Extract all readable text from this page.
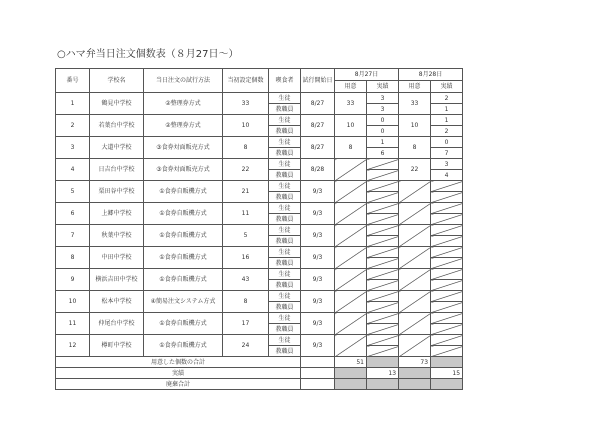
○ハマ弁当日注文個数表（８月27日～）
番号	学校名	当日注文の試行方法	当初設定個数	喫食者	試行開始日	8月27日		8月28日	
						用意	実績	用意	実績
1	鶴見中学校	②整理券方式	33	生徒	8/27	33	3	33	2
				教職員			3		1
2	若葉台中学校	②整理券方式	10	生徒	8/27	10	0	10	1
				教職員			0		2
3	大道中学校	③食券対面販売方式	8	生徒	8/27	8	1	8	0
				教職員			6		7
4	日吉台中学校	③食券対面販売方式	22	生徒	8/28			22	3
				教職員					4
5	栗田谷中学校	①食券自販機方式	21	生徒	9/3				
				教職員					
6	上郷中学校	①食券自販機方式	11	生徒	9/3				
				教職員					
7	秋葉中学校	①食券自販機方式	5	生徒	9/3				
				教職員					
8	中田中学校	①食券自販機方式	16	生徒	9/3				
				教職員					
9	横浜吉田中学校	①食券自販機方式	43	生徒	9/3				
				教職員					
10	松本中学校	④簡易注文システム方式	8	生徒	9/3				
				教職員					
11	仲尾台中学校	①食券自販機方式	17	生徒	9/3				
				教職員					
12	樽町中学校	①食券自販機方式	24	生徒	9/3				
				教職員					
用意した個数の合計						51		73	
実績							13		15
廃棄合計									
